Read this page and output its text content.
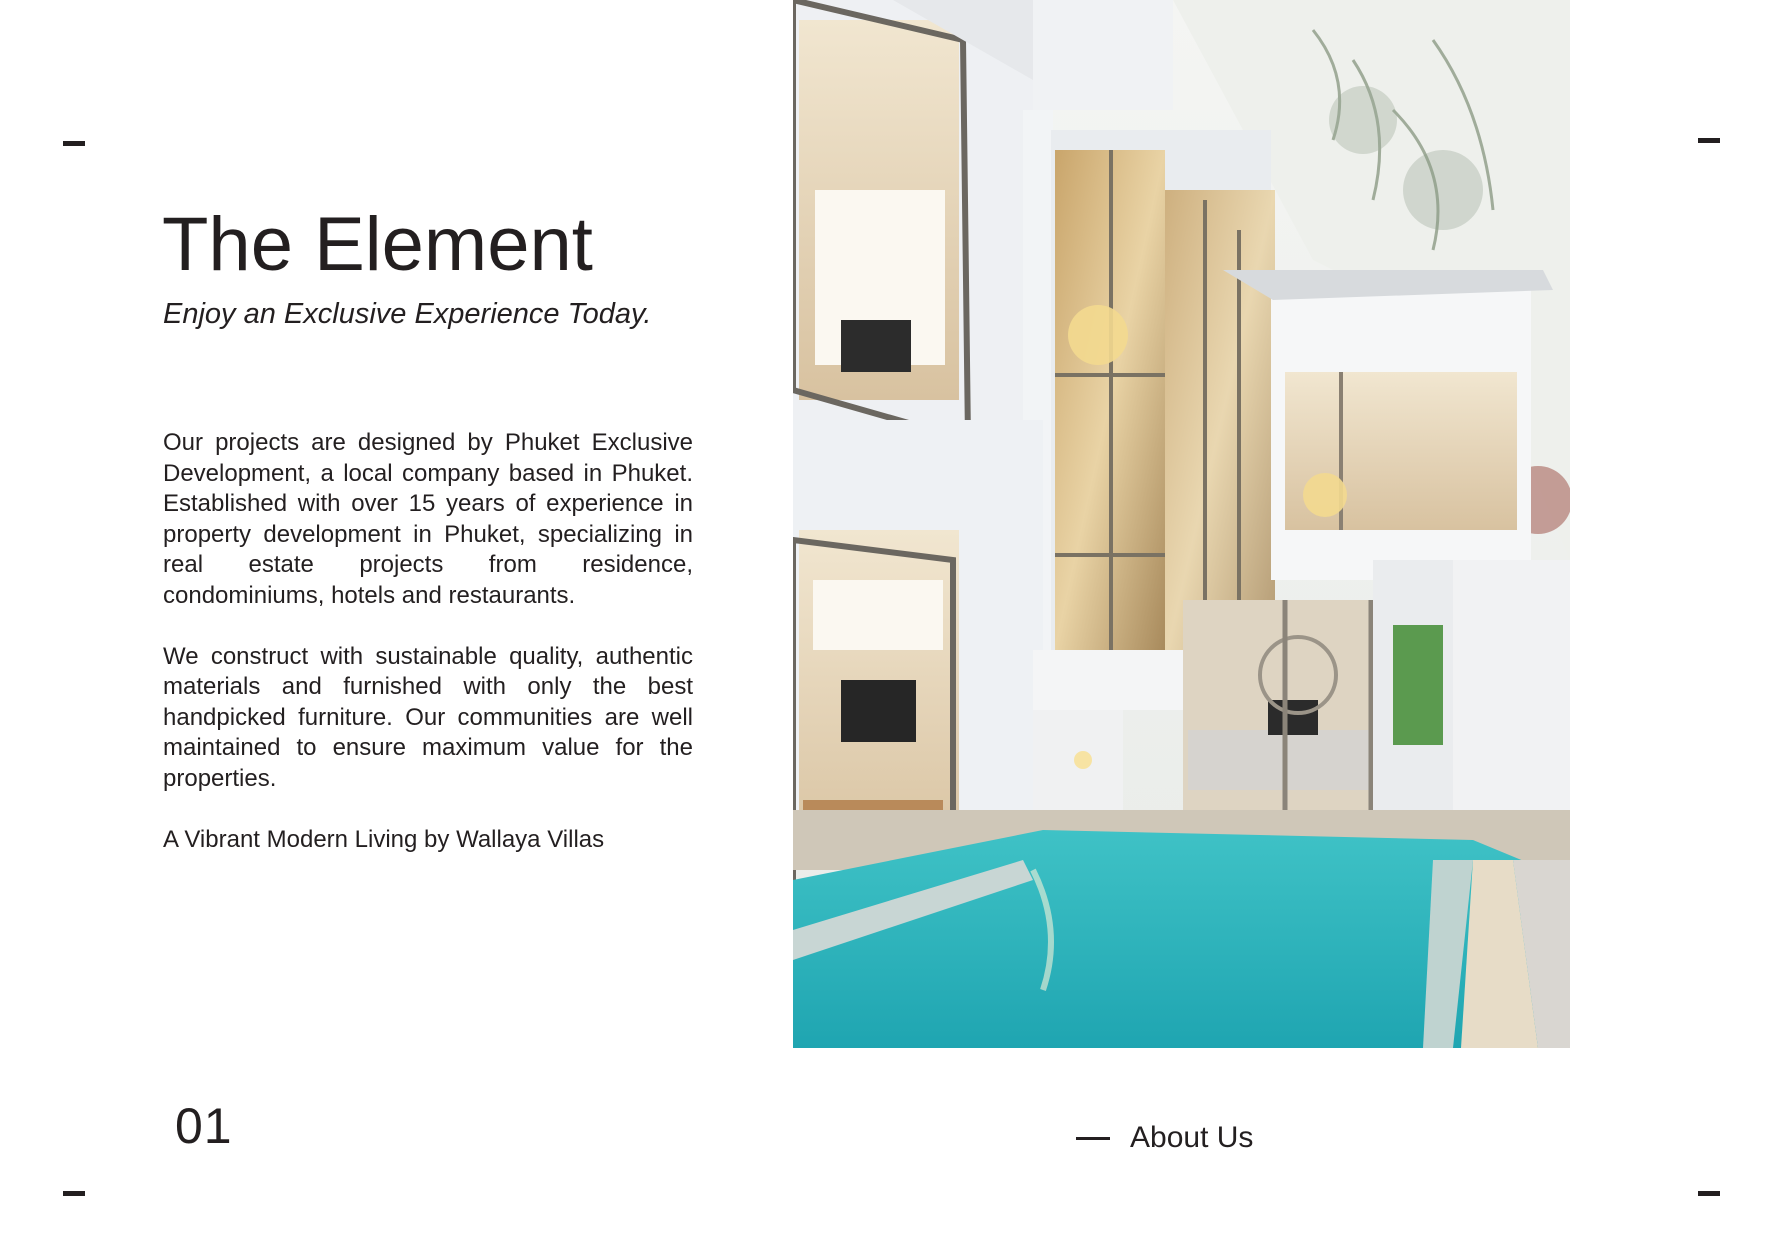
The Element
Enjoy an Exclusive Experience Today.

Our projects are designed by Phuket Exclusive Development, a local company based in Phuket. Established with over 15 years of experience in property development in Phuket, specializing in real estate projects from residence, condominiums, hotels and restaurants.

We construct with sustainable quality, authentic materials and furnished with only the best handpicked furniture. Our communities are well maintained to ensure maximum value for the properties.

A Vibrant Modern Living by Wallaya Villas

01	About Us
